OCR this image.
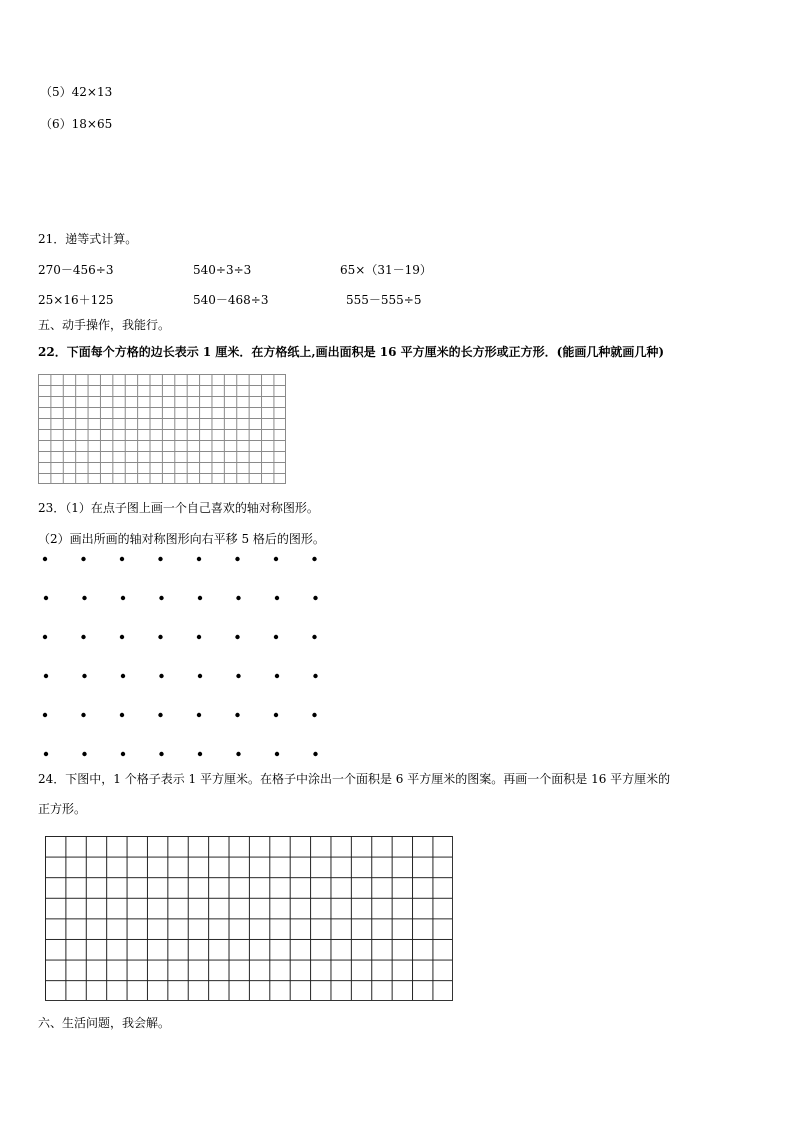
（5）42×13
（6）18×65
21．递等式计算。
270－456÷3	540÷3÷3	65×（31－19）
25×16＋125	540－468÷3	555－555÷5
五、动手操作，我能行。
22．下面每个方格的边长表示 1 厘米．在方格纸上,画出面积是 16 平方厘米的长方形或正方形．(能画几种就画几种)
23．（1）在点子图上画一个自己喜欢的轴对称图形。
（2）画出所画的轴对称图形向右平移 5 格后的图形。
24．下图中，1 个格子表示 1 平方厘米。在格子中涂出一个面积是 6 平方厘米的图案。再画一个面积是 16 平方厘米的
正方形。
六、生活问题，我会解。
